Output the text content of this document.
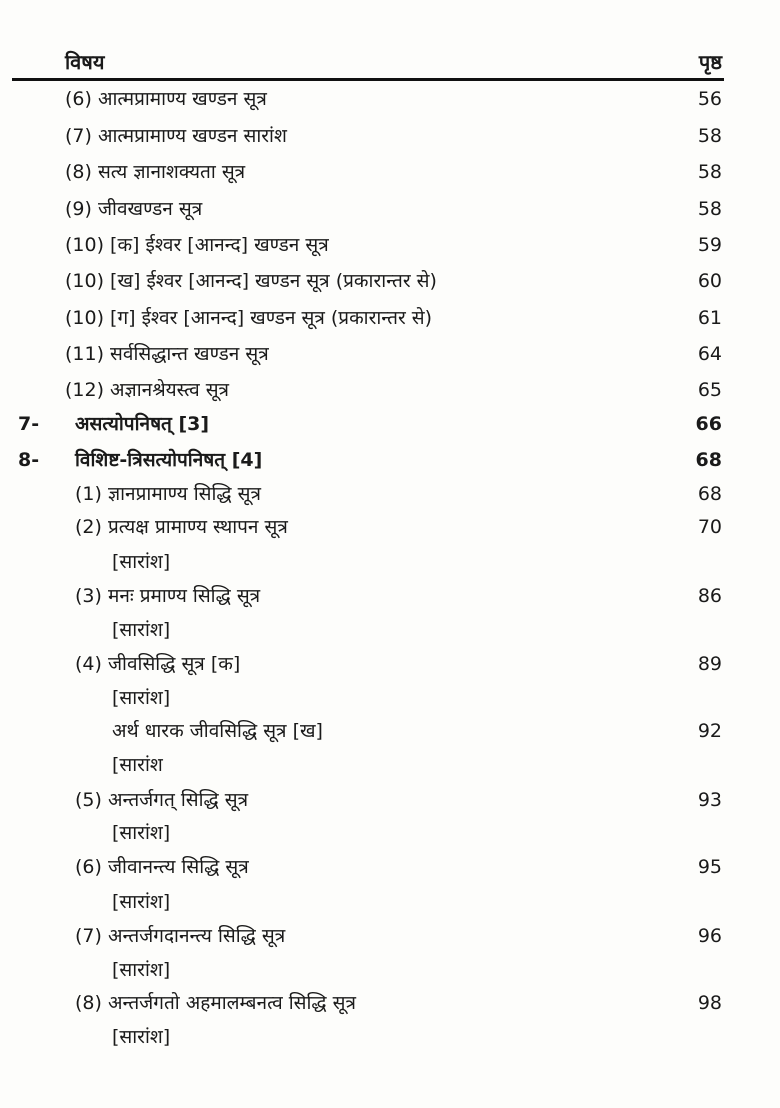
विषय	पृष्ठ
(6) आत्मप्रामाण्य खण्डन सूत्र	56
(7) आत्मप्रामाण्य खण्डन सारांश	58
(8) सत्य ज्ञानाशक्यता सूत्र	58
(9) जीवखण्डन सूत्र	58
(10) [क] ईश्वर [आनन्द] खण्डन सूत्र	59
(10) [ख] ईश्वर [आनन्द] खण्डन सूत्र (प्रकारान्तर से)	60
(10) [ग] ईश्वर [आनन्द] खण्डन सूत्र (प्रकारान्तर से)	61
(11) सर्वसिद्धान्त खण्डन सूत्र	64
(12) अज्ञानश्रेयस्त्व सूत्र	65
7- असत्योपनिषत् [3]	66
8- विशिष्ट-त्रिसत्योपनिषत् [4]	68
(1) ज्ञानप्रामाण्य सिद्धि सूत्र	68
(2) प्रत्यक्ष प्रामाण्य स्थापन सूत्र	70
[सारांश]
(3) मनः प्रमाण्य सिद्धि सूत्र	86
[सारांश]
(4) जीवसिद्धि सूत्र [क]	89
[सारांश]
अर्थ धारक जीवसिद्धि सूत्र [ख]	92
[सारांश
(5) अन्तर्जगत् सिद्धि सूत्र	93
[सारांश]
(6) जीवानन्त्य सिद्धि सूत्र	95
[सारांश]
(7) अन्तर्जगदानन्त्य सिद्धि सूत्र	96
[सारांश]
(8) अन्तर्जगतो अहमालम्बनत्व सिद्धि सूत्र	98
[सारांश]
